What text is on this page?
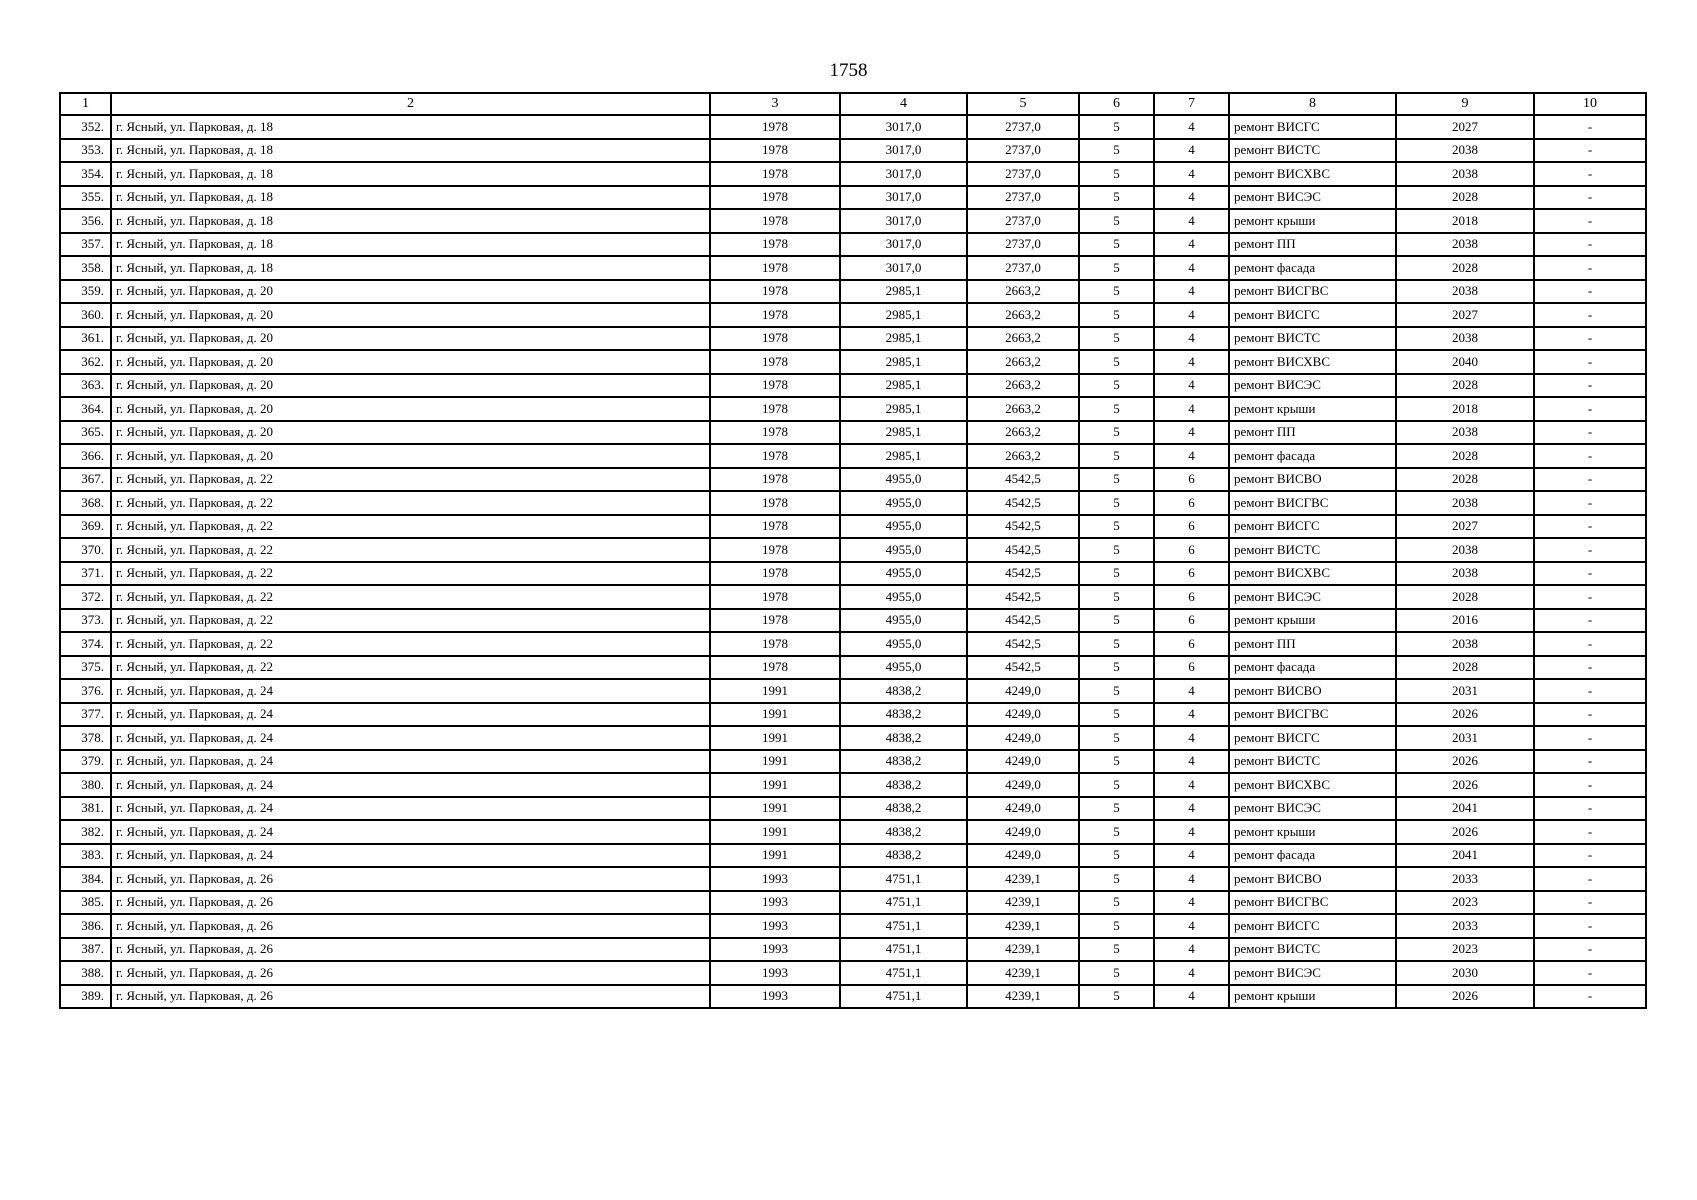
1758
1	2	3	4	5	6	7	8	9	10
352.	г. Ясный, ул. Парковая, д. 18	1978	3017,0	2737,0	5	4	ремонт ВИСГС	2027	-
353.	г. Ясный, ул. Парковая, д. 18	1978	3017,0	2737,0	5	4	ремонт ВИСТС	2038	-
354.	г. Ясный, ул. Парковая, д. 18	1978	3017,0	2737,0	5	4	ремонт ВИСХВС	2038	-
355.	г. Ясный, ул. Парковая, д. 18	1978	3017,0	2737,0	5	4	ремонт ВИСЭС	2028	-
356.	г. Ясный, ул. Парковая, д. 18	1978	3017,0	2737,0	5	4	ремонт крыши	2018	-
357.	г. Ясный, ул. Парковая, д. 18	1978	3017,0	2737,0	5	4	ремонт ПП	2038	-
358.	г. Ясный, ул. Парковая, д. 18	1978	3017,0	2737,0	5	4	ремонт фасада	2028	-
359.	г. Ясный, ул. Парковая, д. 20	1978	2985,1	2663,2	5	4	ремонт ВИСГВС	2038	-
360.	г. Ясный, ул. Парковая, д. 20	1978	2985,1	2663,2	5	4	ремонт ВИСГС	2027	-
361.	г. Ясный, ул. Парковая, д. 20	1978	2985,1	2663,2	5	4	ремонт ВИСТС	2038	-
362.	г. Ясный, ул. Парковая, д. 20	1978	2985,1	2663,2	5	4	ремонт ВИСХВС	2040	-
363.	г. Ясный, ул. Парковая, д. 20	1978	2985,1	2663,2	5	4	ремонт ВИСЭС	2028	-
364.	г. Ясный, ул. Парковая, д. 20	1978	2985,1	2663,2	5	4	ремонт крыши	2018	-
365.	г. Ясный, ул. Парковая, д. 20	1978	2985,1	2663,2	5	4	ремонт ПП	2038	-
366.	г. Ясный, ул. Парковая, д. 20	1978	2985,1	2663,2	5	4	ремонт фасада	2028	-
367.	г. Ясный, ул. Парковая, д. 22	1978	4955,0	4542,5	5	6	ремонт ВИСВО	2028	-
368.	г. Ясный, ул. Парковая, д. 22	1978	4955,0	4542,5	5	6	ремонт ВИСГВС	2038	-
369.	г. Ясный, ул. Парковая, д. 22	1978	4955,0	4542,5	5	6	ремонт ВИСГС	2027	-
370.	г. Ясный, ул. Парковая, д. 22	1978	4955,0	4542,5	5	6	ремонт ВИСТС	2038	-
371.	г. Ясный, ул. Парковая, д. 22	1978	4955,0	4542,5	5	6	ремонт ВИСХВС	2038	-
372.	г. Ясный, ул. Парковая, д. 22	1978	4955,0	4542,5	5	6	ремонт ВИСЭС	2028	-
373.	г. Ясный, ул. Парковая, д. 22	1978	4955,0	4542,5	5	6	ремонт крыши	2016	-
374.	г. Ясный, ул. Парковая, д. 22	1978	4955,0	4542,5	5	6	ремонт ПП	2038	-
375.	г. Ясный, ул. Парковая, д. 22	1978	4955,0	4542,5	5	6	ремонт фасада	2028	-
376.	г. Ясный, ул. Парковая, д. 24	1991	4838,2	4249,0	5	4	ремонт ВИСВО	2031	-
377.	г. Ясный, ул. Парковая, д. 24	1991	4838,2	4249,0	5	4	ремонт ВИСГВС	2026	-
378.	г. Ясный, ул. Парковая, д. 24	1991	4838,2	4249,0	5	4	ремонт ВИСГС	2031	-
379.	г. Ясный, ул. Парковая, д. 24	1991	4838,2	4249,0	5	4	ремонт ВИСТС	2026	-
380.	г. Ясный, ул. Парковая, д. 24	1991	4838,2	4249,0	5	4	ремонт ВИСХВС	2026	-
381.	г. Ясный, ул. Парковая, д. 24	1991	4838,2	4249,0	5	4	ремонт ВИСЭС	2041	-
382.	г. Ясный, ул. Парковая, д. 24	1991	4838,2	4249,0	5	4	ремонт крыши	2026	-
383.	г. Ясный, ул. Парковая, д. 24	1991	4838,2	4249,0	5	4	ремонт фасада	2041	-
384.	г. Ясный, ул. Парковая, д. 26	1993	4751,1	4239,1	5	4	ремонт ВИСВО	2033	-
385.	г. Ясный, ул. Парковая, д. 26	1993	4751,1	4239,1	5	4	ремонт ВИСГВС	2023	-
386.	г. Ясный, ул. Парковая, д. 26	1993	4751,1	4239,1	5	4	ремонт ВИСГС	2033	-
387.	г. Ясный, ул. Парковая, д. 26	1993	4751,1	4239,1	5	4	ремонт ВИСТС	2023	-
388.	г. Ясный, ул. Парковая, д. 26	1993	4751,1	4239,1	5	4	ремонт ВИСЭС	2030	-
389.	г. Ясный, ул. Парковая, д. 26	1993	4751,1	4239,1	5	4	ремонт крыши	2026	-
